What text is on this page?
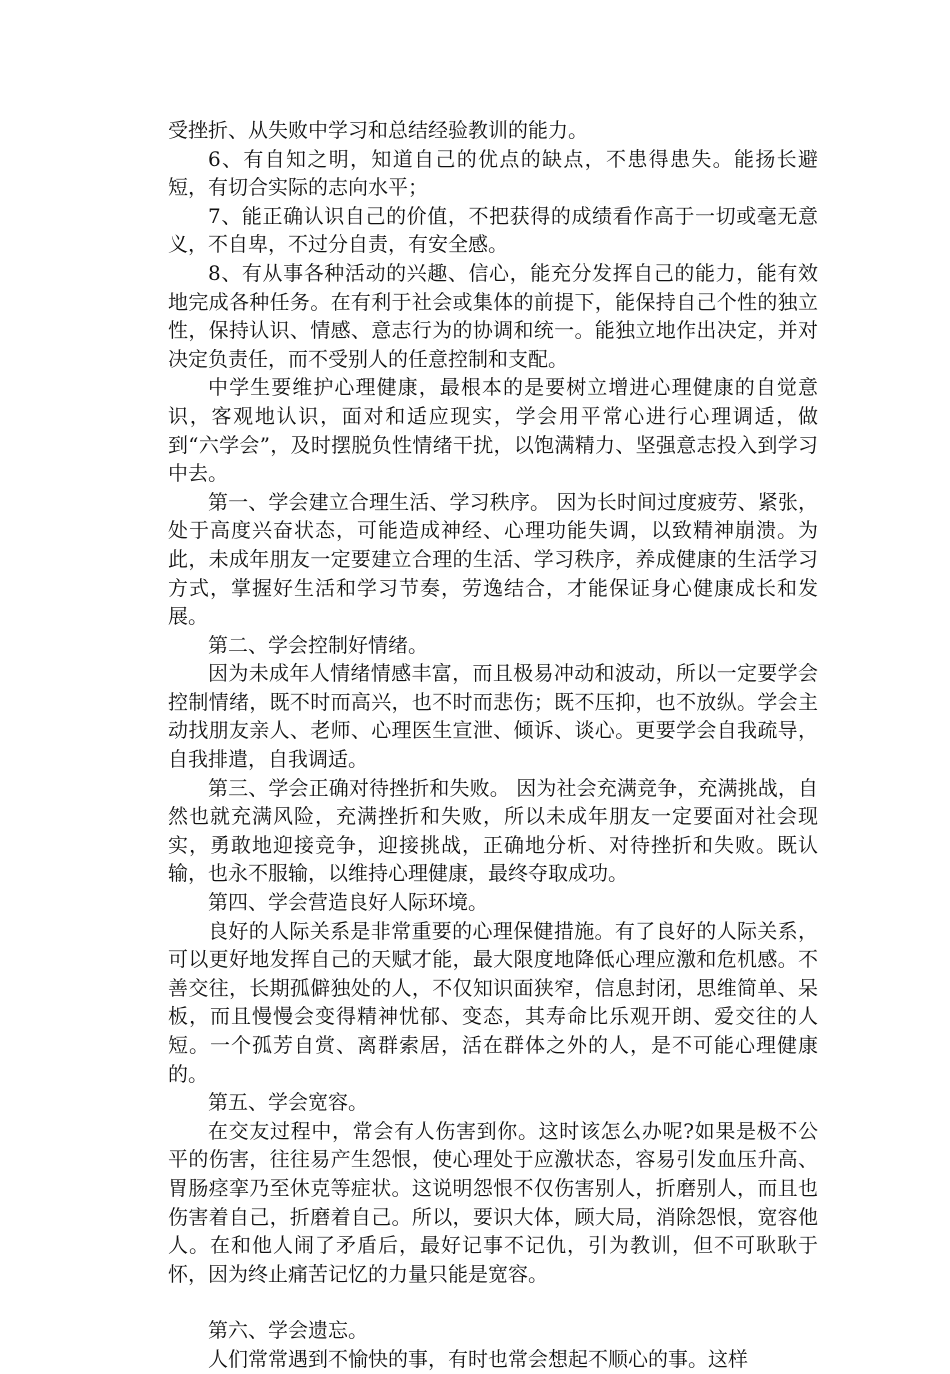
受挫折、从失败中学习和总结经验教训的能力。

6、有自知之明，知道自己的优点的缺点，不患得患失。能扬长避短，有切合实际的志向水平；

7、能正确认识自己的价值，不把获得的成绩看作高于一切或毫无意义，不自卑，不过分自责，有安全感。

8、有从事各种活动的兴趣、信心，能充分发挥自己的能力，能有效地完成各种任务。在有利于社会或集体的前提下，能保持自己个性的独立性，保持认识、情感、意志行为的协调和统一。能独立地作出决定，并对决定负责任，而不受别人的任意控制和支配。

中学生要维护心理健康，最根本的是要树立增进心理健康的自觉意识，客观地认识，面对和适应现实，学会用平常心进行心理调适，做到“六学会”，及时摆脱负性情绪干扰，以饱满精力、坚强意志投入到学习中去。

第一、学会建立合理生活、学习秩序。 因为长时间过度疲劳、紧张，处于高度兴奋状态，可能造成神经、心理功能失调，以致精神崩溃。为此，未成年朋友一定要建立合理的生活、学习秩序，养成健康的生活学习方式，掌握好生活和学习节奏，劳逸结合，才能保证身心健康成长和发展。

第二、学会控制好情绪。

因为未成年人情绪情感丰富，而且极易冲动和波动，所以一定要学会控制情绪，既不时而高兴，也不时而悲伤；既不压抑，也不放纵。学会主动找朋友亲人、老师、心理医生宣泄、倾诉、谈心。更要学会自我疏导，自我排遣，自我调适。

第三、学会正确对待挫折和失败。 因为社会充满竞争，充满挑战，自然也就充满风险，充满挫折和失败，所以未成年朋友一定要面对社会现实，勇敢地迎接竞争，迎接挑战，正确地分析、对待挫折和失败。既认输，也永不服输，以维持心理健康，最终夺取成功。

第四、学会营造良好人际环境。

良好的人际关系是非常重要的心理保健措施。有了良好的人际关系，可以更好地发挥自己的天赋才能，最大限度地降低心理应激和危机感。不善交往，长期孤僻独处的人，不仅知识面狭窄，信息封闭，思维简单、呆板，而且慢慢会变得精神忧郁、变态，其寿命比乐观开朗、爱交往的人短。一个孤芳自赏、离群索居，活在群体之外的人，是不可能心理健康的。

第五、学会宽容。

在交友过程中，常会有人伤害到你。这时该怎么办呢?如果是极不公平的伤害，往往易产生怨恨，使心理处于应激状态，容易引发血压升高、胃肠痉挛乃至休克等症状。这说明怨恨不仅伤害别人，折磨别人，而且也伤害着自己，折磨着自己。所以，要识大体，顾大局，消除怨恨，宽容他人。在和他人闹了矛盾后，最好记事不记仇，引为教训，但不可耿耿于怀，因为终止痛苦记忆的力量只能是宽容。

第六、学会遗忘。

人们常常遇到不愉快的事，有时也常会想起不顺心的事。这样
